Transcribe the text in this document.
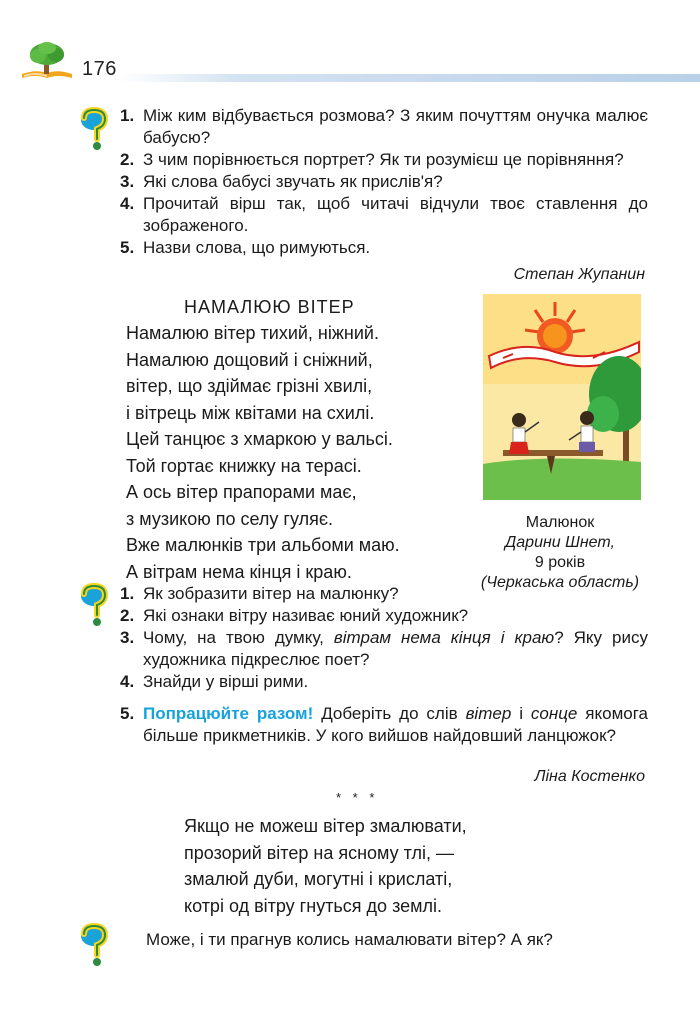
176
1. Між ким відбувається розмова? З яким почуттям онучка малює бабусю?
2. З чим порівнюється портрет? Як ти розумієш це порівняння?
3. Які слова бабусі звучать як прислів'я?
4. Прочитай вірш так, щоб читачі відчули твоє ставлення до зображеного.
5. Назви слова, що римуються.
Степан Жупанин
НАМАЛЮЮ ВІТЕР
Намалюю вітер тихий, ніжний.
Намалюю дощовий і сніжний,
вітер, що здіймає грізні хвилі,
і вітрець між квітами на схилі.
Цей танцює з хмаркою у вальсі.
Той гортає книжку на терасі.
А ось вітер прапорами має,
з музикою по селу гуляє.
Вже малюнків три альбоми маю.
А вітрам нема кінця і краю.
Малюнок
Дарини Шнет,
9 років
(Черкаська область)
1. Як зобразити вітер на малюнку?
2. Які ознаки вітру називає юний художник?
3. Чому, на твою думку, вітрам нема кінця і краю? Яку рису художника підкреслює поет?
4. Знайди у вірші рими.
5. Попрацюйте разом! Доберіть до слів вітер і сонце якомога більше прикметників. У кого вийшов найдовший ланцюжок?
Ліна Костенко
* * *
Якщо не можеш вітер змалювати,
прозорий вітер на ясному тлі, —
змалюй дуби, могутні і крислаті,
котрі од вітру гнуться до землі.
Може, і ти прагнув колись намалювати вітер? А як?
